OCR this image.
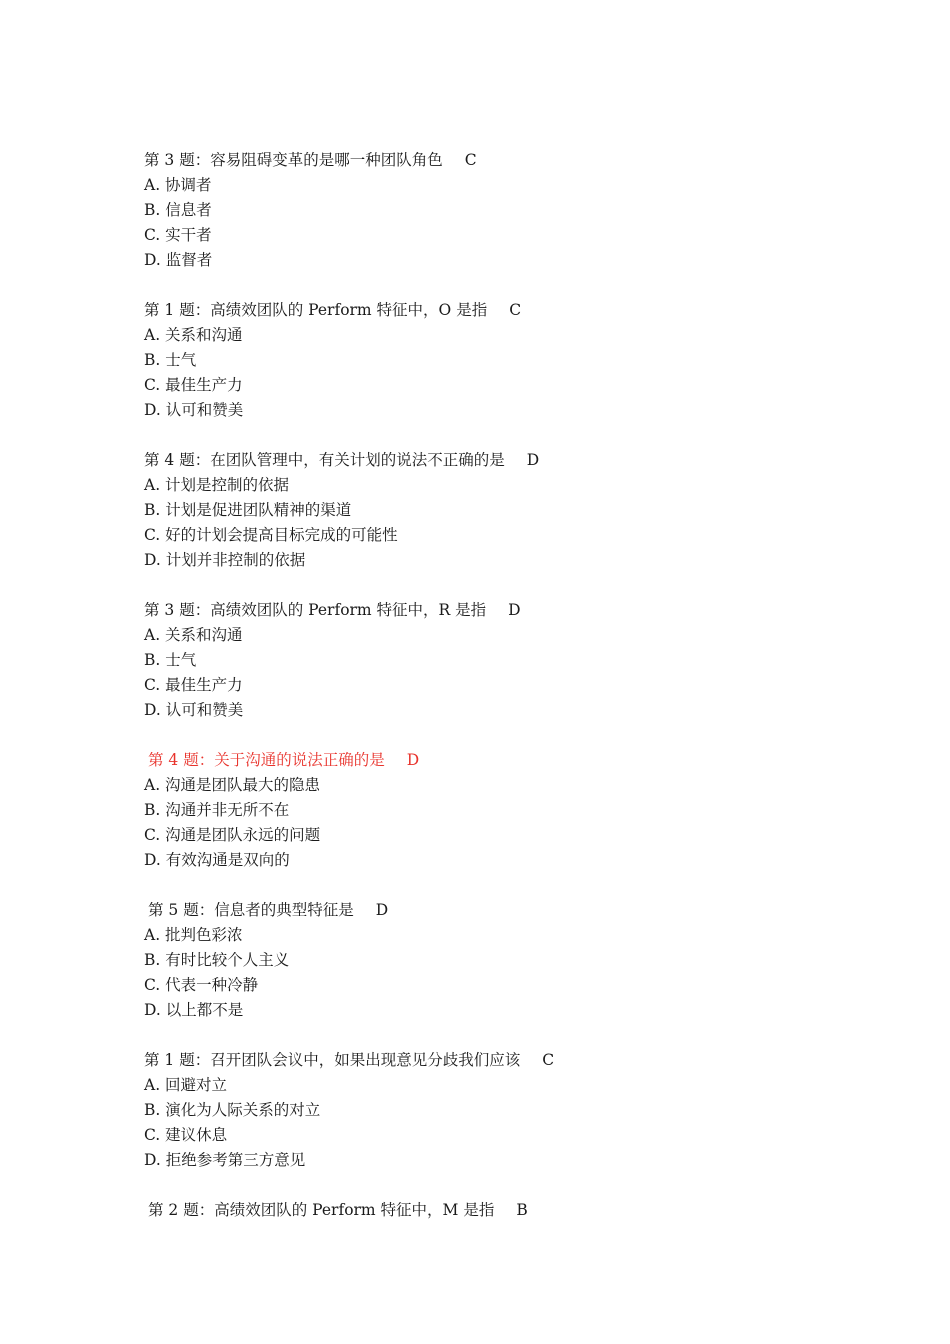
第 3 题：容易阻碍变革的是哪一种团队角色 C
A. 协调者
B. 信息者
C. 实干者
D. 监督者
第 1 题：高绩效团队的 Perform 特征中，O 是指 C
A. 关系和沟通
B. 士气
C. 最佳生产力
D. 认可和赞美
第 4 题：在团队管理中，有关计划的说法不正确的是 D
A. 计划是控制的依据
B. 计划是促进团队精神的渠道
C. 好的计划会提高目标完成的可能性
D. 计划并非控制的依据
第 3 题：高绩效团队的 Perform 特征中，R 是指 D
A. 关系和沟通
B. 士气
C. 最佳生产力
D. 认可和赞美
第 4 题：关于沟通的说法正确的是 D
A. 沟通是团队最大的隐患
B. 沟通并非无所不在
C. 沟通是团队永远的问题
D. 有效沟通是双向的
第 5 题：信息者的典型特征是 D
A. 批判色彩浓
B. 有时比较个人主义
C. 代表一种冷静
D. 以上都不是
第 1 题：召开团队会议中，如果出现意见分歧我们应该 C
A. 回避对立
B. 演化为人际关系的对立
C. 建议休息
D. 拒绝参考第三方意见
第 2 题：高绩效团队的 Perform 特征中，M 是指 B
